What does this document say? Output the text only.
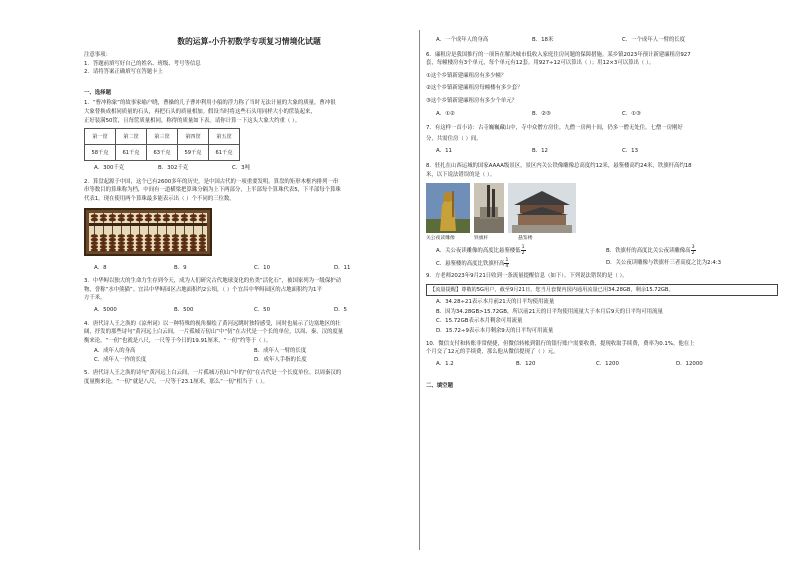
数的运算-小升初数学专项复习情境化试题
注意事项：
1．答题前填写好自己的姓名、班级、考号等信息
2．请将答案正确填写在答题卡上
一、选择题
1．“曹冲称象”的故事家喻户晓，曹操的儿子曹冲利用小船的浮力称了当时无法计量的大象的质量。曹冲很
大象替换成相同质量的石头，再把石头的质量相加。假设当时将这些石头用同样大小的筐装起来，
正好装满50筐，且每筐质量相同，称得的质量如下表。请你计算一下这头大象大约重（ ）。
第一筐	第二筐	第三筐	第四筐	第五筐
58千克	61千克	63千克	59千克	61千克
A．300千克	B．302千克	C．3吨
2．算盘起源于中国，这个已有2600多年的历史，是中国古代的一项重要发明。算盘的矩形木框内排列一串
串等数目的算珠称为档，中间有一道横梁把算珠分隔为上下两部分，上半部每个算珠代表5，下半部每个算珠
代表1。现在使用两个算珠最多能表示出（ ）个不同的三位数。
A．8	B．9	C．10	D．11
3．中华鲟以独大的生命力生存到今天，成为人们研究古代地球变化的鱼类“活化石”，被国家列为一级保护动
物，誉称“水中熊猫”。宜昌中华鲟园区占地面积约2公顷，（ ）个宜昌中华鲟园区的占地面积约为1平
方千米。
A．5000	B．500	C．50	D．5
4．唐代诗人王之涣的《凉州词》以一种特殊的视角描绘了黄河远眺时独特感受，同时也展示了边塞地区的壮
阔，抒发的那些诗句“黄河远上白云间，一片孤城万仞山”中“仞”在古代是一个长的单位，以周、秦、汉的度量
衡来论，“一仞”也就是八尺，一尺等于今日的19.91厘米，“一仞”约等于（ ）。
A．成年人的身高	B．成年人一臂的长度
C．成年人一拃的长度	D．成年人手指的长度
5．唐代诗人王之涣的诗句“黄河远上白云间，一片孤城万仞山”中的“仞”在古代是一个长度单位。以周秦汉的
度量衡来论，“一仞”就是八尺，一尺等于23.1厘米，那么“一仞”相当于（ ）。
A．一个成年人的身高	B．18米	C．一个成年人一臂的长度
6．廉租房是我国推行的一项旨在解决城市低收入家庭住房问题的保障措施。某乡镇2023年预计新建廉租房927
套，每幢楼房有3个单元，每个单元有12套。用927÷12可以算出（ ）；用12×3可以算出（ ）。
①这个乡镇新建廉租房有多少幢？
②这个乡镇新建廉租房每幢楼有多少套？
③这个乡镇新建廉租房有多少个单元？
A．①②	B．②③	C．①③
7．有这样一首小诗：古寺巍巍藏山中，寺中众僧方房住。九僧一房两十间，仍多一僧无处住。七僧一房刚好
分，共需住房（ ）间。
A．11	B．12	C．13
8．驻扎在山西运城的国家AAAA级景区，景区内关公铁像雕像总高度约12米，悬鉴楼高约24米，铁旗杆高约18
米，以下说法错误的是（ ）。
关公夜读雕像	铁旗杆	悬鉴楼
A．关公夜读雕像的高度比悬鉴楼低 $\frac{1}{2}$	B．铁旗杆的高度比关公夜读雕像高 $\frac{3}{2}$
C．悬鉴楼的高度比铁旗杆高 $\frac{1}{4}$	D．关公夜读雕像与铁旗杆三者高度之比为2:4:3
9．方老师2023年9月21日收到一条流量提醒信息（如下）。下列说法错误的是（ ）。
【流量提醒】尊敬的5G用户，截至9月21日，您当月套餐内国内通用流量已用34.28GB，剩余15.72GB。
A．34.28÷21表示本月前21天的日平均使用流量
B．因为34.28GB>15.72GB，所以前21天的日平均使用流量大于本月后9天的日平均可用流量
C．15.72GB表示本月剩余可用流量
D．15.72÷9表示本月剩余9天的日平均可用流量
10．微信支付和转账非常便捷，但微信转帐到银行的银行账户需要收费，提现收取手续费，费率为0.1%。他在上
个月交了12元的手续费，那么他从微信提现了（ ）元。
A．1.2	B．120	C．1200	D．12000
二、填空题
